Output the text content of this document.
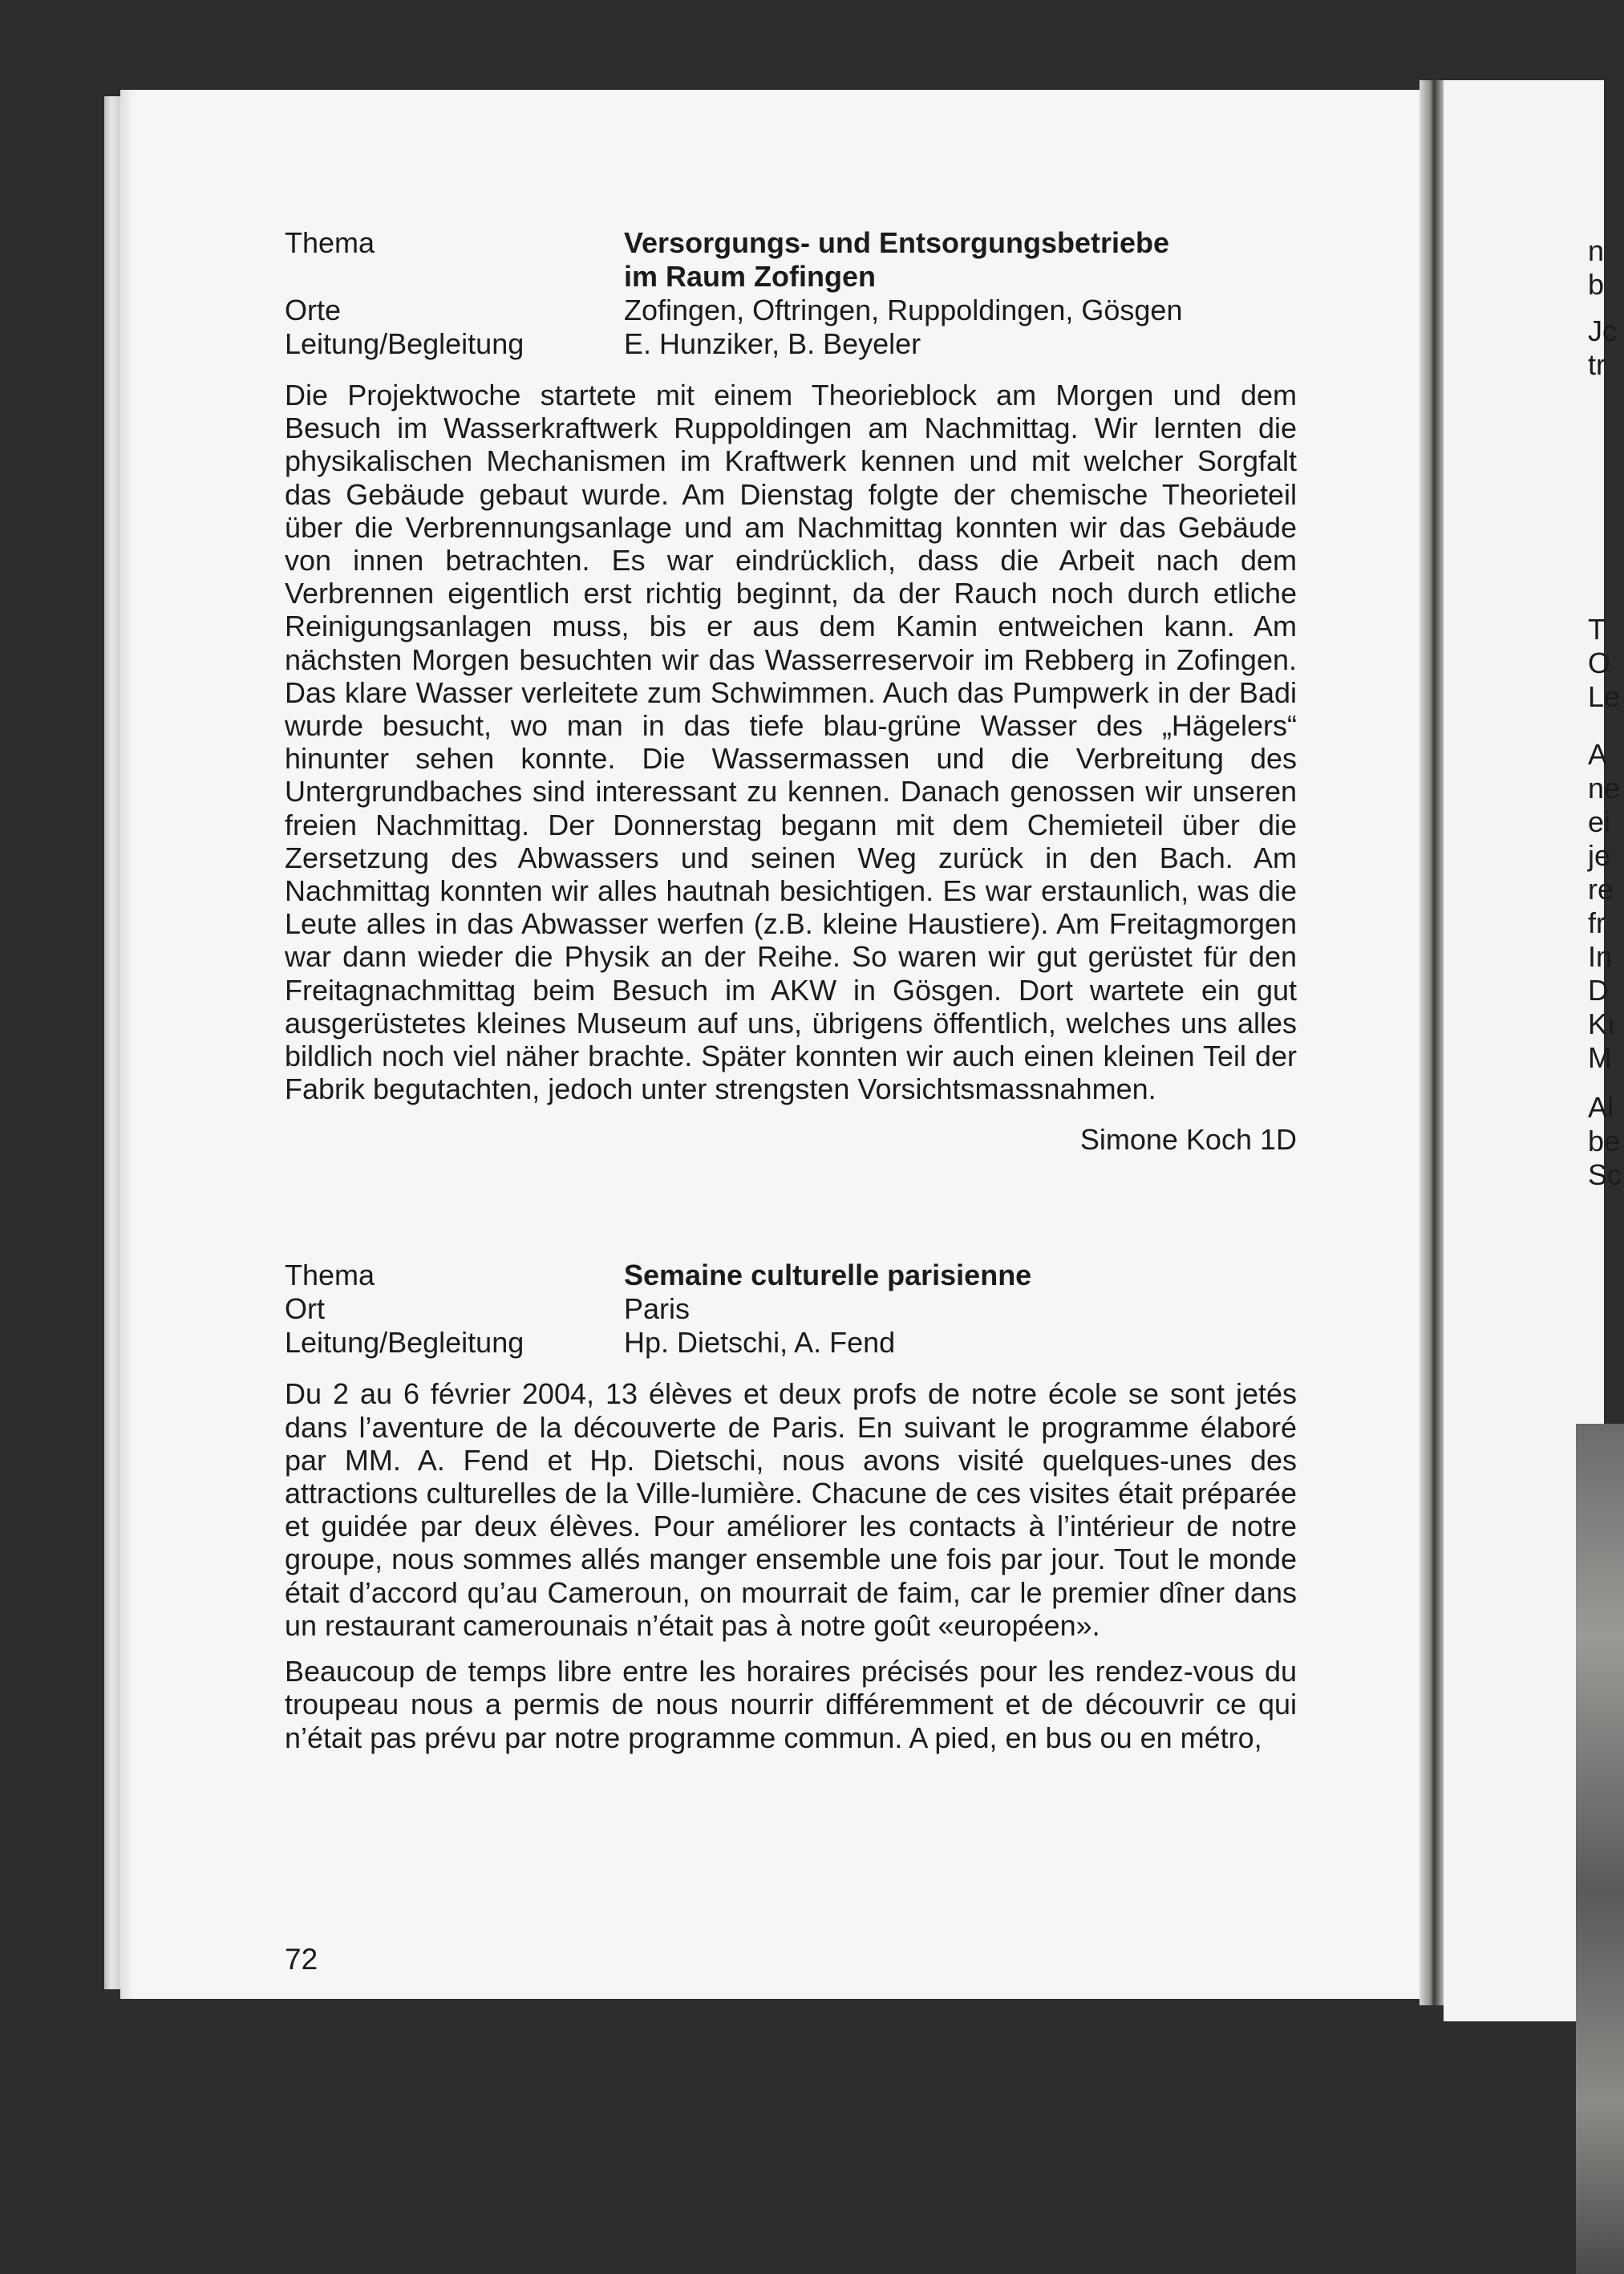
Thema	Versorgungs- und Entsorgungsbetriebe
im Raum Zofingen
Orte	Zofingen, Oftringen, Ruppoldingen, Gösgen
Leitung/Begleitung	E. Hunziker, B. Beyeler

Die Projektwoche startete mit einem Theorieblock am Morgen und dem Besuch im Wasserkraftwerk Ruppoldingen am Nachmittag. Wir lernten die physikalischen Mechanismen im Kraftwerk kennen und mit welcher Sorgfalt das Gebäude gebaut wurde. Am Dienstag folgte der chemische Theorieteil über die Verbrennungsanlage und am Nachmittag konnten wir das Gebäude von innen betrachten. Es war eindrücklich, dass die Arbeit nach dem Verbrennen eigentlich erst richtig beginnt, da der Rauch noch durch etliche Reinigungsanlagen muss, bis er aus dem Kamin entweichen kann. Am nächsten Morgen besuchten wir das Wasserreservoir im Rebberg in Zofingen. Das klare Wasser verleitete zum Schwimmen. Auch das Pumpwerk in der Badi wurde besucht, wo man in das tiefe blau-grüne Wasser des „Hägelers“ hinunter sehen konnte. Die Wassermassen und die Verbreitung des Untergrundbaches sind interessant zu kennen. Danach genossen wir unseren freien Nachmittag. Der Donnerstag begann mit dem Chemieteil über die Zersetzung des Abwassers und seinen Weg zurück in den Bach. Am Nachmittag konnten wir alles hautnah besichtigen. Es war erstaunlich, was die Leute alles in das Abwasser werfen (z.B. kleine Haustiere). Am Freitagmorgen war dann wieder die Physik an der Reihe. So waren wir gut gerüstet für den Freitagnachmittag beim Besuch im AKW in Gösgen. Dort wartete ein gut ausgerüstetes kleines Museum auf uns, übrigens öffentlich, welches uns alles bildlich noch viel näher brachte. Später konnten wir auch einen kleinen Teil der Fabrik begutachten, jedoch unter strengsten Vorsichtsmassnahmen.

Simone Koch 1D
Thema	Semaine culturelle parisienne
Ort	Paris
Leitung/Begleitung	Hp. Dietschi, A. Fend

Du 2 au 6 février 2004, 13 élèves et deux profs de notre école se sont jetés dans l’aventure de la découverte de Paris. En suivant le programme élaboré par MM. A. Fend et Hp. Dietschi, nous avons visité quelques-unes des attractions culturelles de la Ville-lumière. Chacune de ces visites était préparée et guidée par deux élèves. Pour améliorer les contacts à l’intérieur de notre groupe, nous sommes allés manger ensemble une fois par jour. Tout le monde était d’accord qu’au Cameroun, on mourrait de faim, car le premier dîner dans un restaurant camerounais n’était pas à notre goût «européen».

Beaucoup de temps libre entre les horaires précisés pour les rendez-vous du troupeau nous a permis de nous nourrir différemment et de découvrir ce qui n’était pas prévu par notre programme commun. A pied, en bus ou en métro,

72
n
b
Jc
tr
T
O
Le
A
ne
ei
je
re
fr
In
D
Kı
M
Al
be
Sc
